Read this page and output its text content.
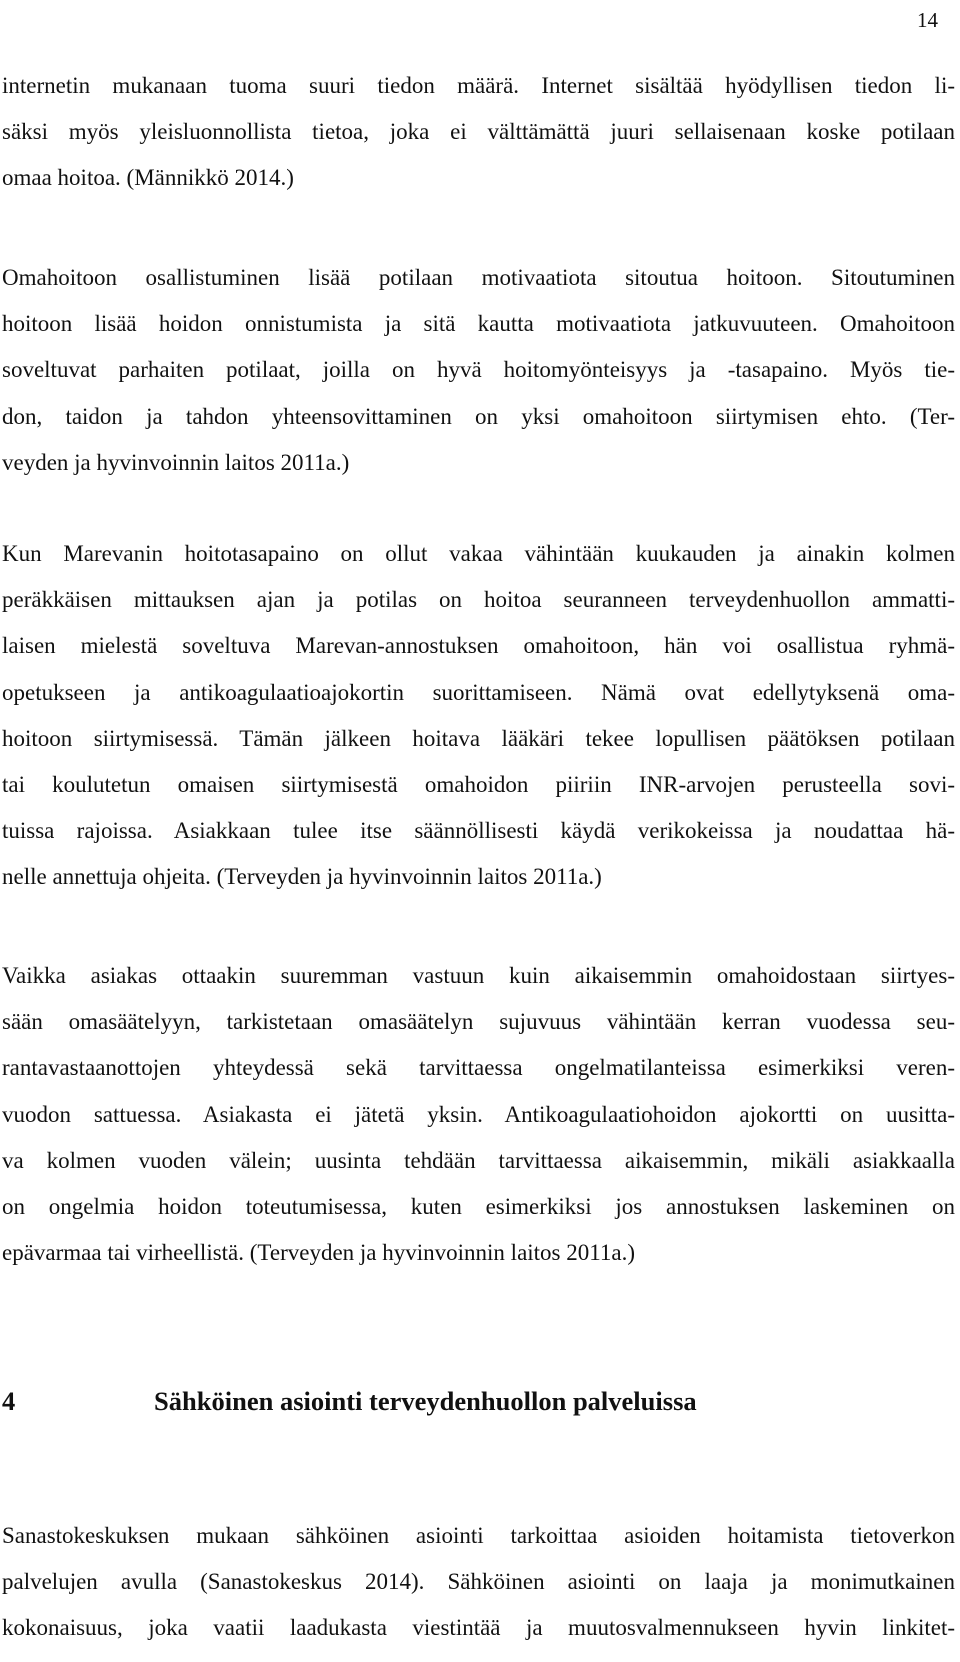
14
internetin mukanaan tuoma suuri tiedon määrä. Internet sisältää hyödyllisen tiedon li-
säksi myös yleisluonnollista tietoa, joka ei välttämättä juuri sellaisenaan koske potilaan
omaa hoitoa. (Männikkö 2014.)
Omahoitoon osallistuminen lisää potilaan motivaatiota sitoutua hoitoon. Sitoutuminen
hoitoon lisää hoidon onnistumista ja sitä kautta motivaatiota jatkuvuuteen. Omahoitoon
soveltuvat parhaiten potilaat, joilla on hyvä hoitomyönteisyys ja -tasapaino. Myös tie-
don, taidon ja tahdon yhteensovittaminen on yksi omahoitoon siirtymisen ehto. (Ter-
veyden ja hyvinvoinnin laitos 2011a.)
Kun Marevanin hoitotasapaino on ollut vakaa vähintään kuukauden ja ainakin kolmen
peräkkäisen mittauksen ajan ja potilas on hoitoa seuranneen terveydenhuollon ammatti-
laisen mielestä soveltuva Marevan-annostuksen omahoitoon, hän voi osallistua ryhmä-
opetukseen ja antikoagulaatioajokortin suorittamiseen. Nämä ovat edellytyksenä oma-
hoitoon siirtymisessä. Tämän jälkeen hoitava lääkäri tekee lopullisen päätöksen potilaan
tai koulutetun omaisen siirtymisestä omahoidon piiriin INR-arvojen perusteella sovi-
tuissa rajoissa. Asiakkaan tulee itse säännöllisesti käydä verikokeissa ja noudattaa hä-
nelle annettuja ohjeita. (Terveyden ja hyvinvoinnin laitos 2011a.)
Vaikka asiakas ottaakin suuremman vastuun kuin aikaisemmin omahoidostaan siirtyes-
sään omasäätelyyn, tarkistetaan omasäätelyn sujuvuus vähintään kerran vuodessa seu-
rantavastaanottojen yhteydessä sekä tarvittaessa ongelmatilanteissa esimerkiksi veren-
vuodon sattuessa. Asiakasta ei jätetä yksin. Antikoagulaatiohoidon ajokortti on uusitta-
va kolmen vuoden välein; uusinta tehdään tarvittaessa aikaisemmin, mikäli asiakkaalla
on ongelmia hoidon toteutumisessa, kuten esimerkiksi jos annostuksen laskeminen on
epävarmaa tai virheellistä. (Terveyden ja hyvinvoinnin laitos 2011a.)
4	Sähköinen asiointi terveydenhuollon palveluissa
Sanastokeskuksen mukaan sähköinen asiointi tarkoittaa asioiden hoitamista tietoverkon
palvelujen avulla (Sanastokeskus 2014). Sähköinen asiointi on laaja ja monimutkainen
kokonaisuus, joka vaatii laadukasta viestintää ja muutosvalmennukseen hyvin linkitet-
